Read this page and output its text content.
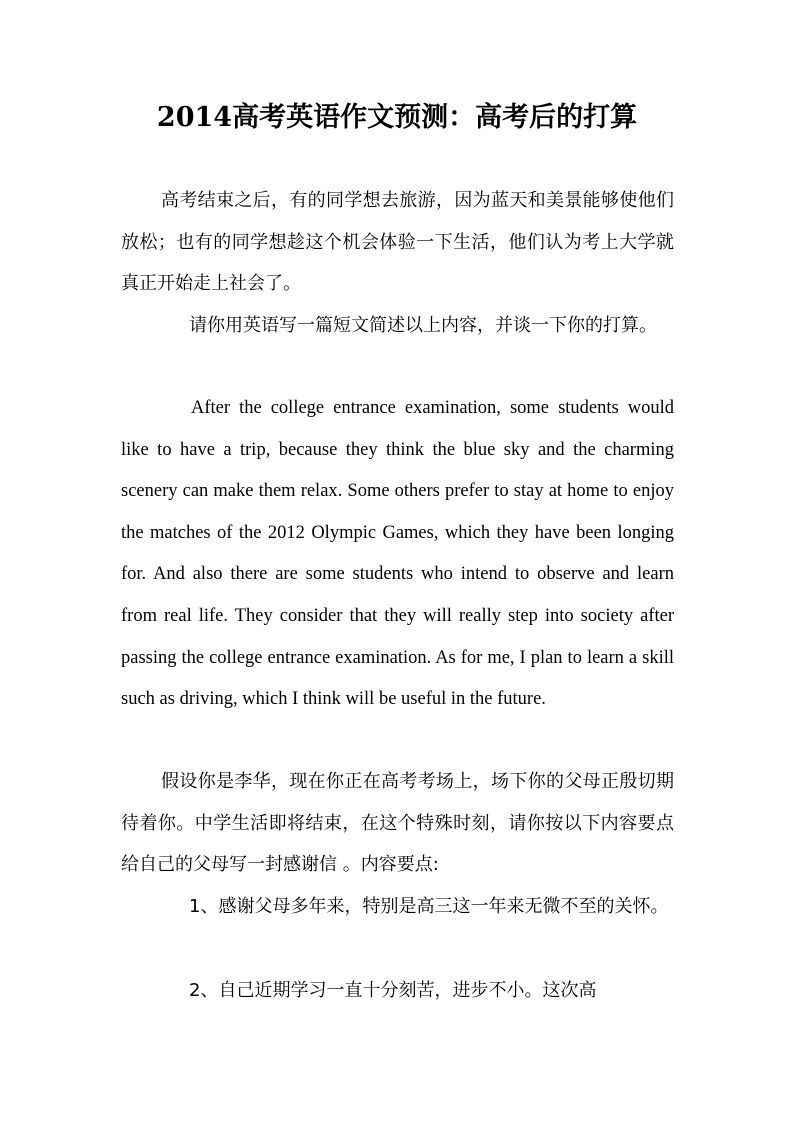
2014高考英语作文预测：高考后的打算

高考结束之后，有的同学想去旅游，因为蓝天和美景能够使他们放松；也有的同学想趁这个机会体验一下生活，他们认为考上大学就真正开始走上社会了。

请你用英语写一篇短文简述以上内容，并谈一下你的打算。

After the college entrance examination, some students would like to have a trip, because they think the blue sky and the charming scenery can make them relax. Some others prefer to stay at home to enjoy the matches of the 2012 Olympic Games, which they have been longing for. And also there are some students who intend to observe and learn from real life. They consider that they will really step into society after passing the college entrance examination. As for me, I plan to learn a skill such as driving, which I think will be useful in the future.

假设你是李华，现在你正在高考考场上，场下你的父母正殷切期待着你。中学生活即将结束，在这个特殊时刻，请你按以下内容要点给自己的父母写一封感谢信 。内容要点:

1、感谢父母多年来，特别是高三这一年来无微不至的关怀。

2、自己近期学习一直十分刻苦，进步不小。这次高
